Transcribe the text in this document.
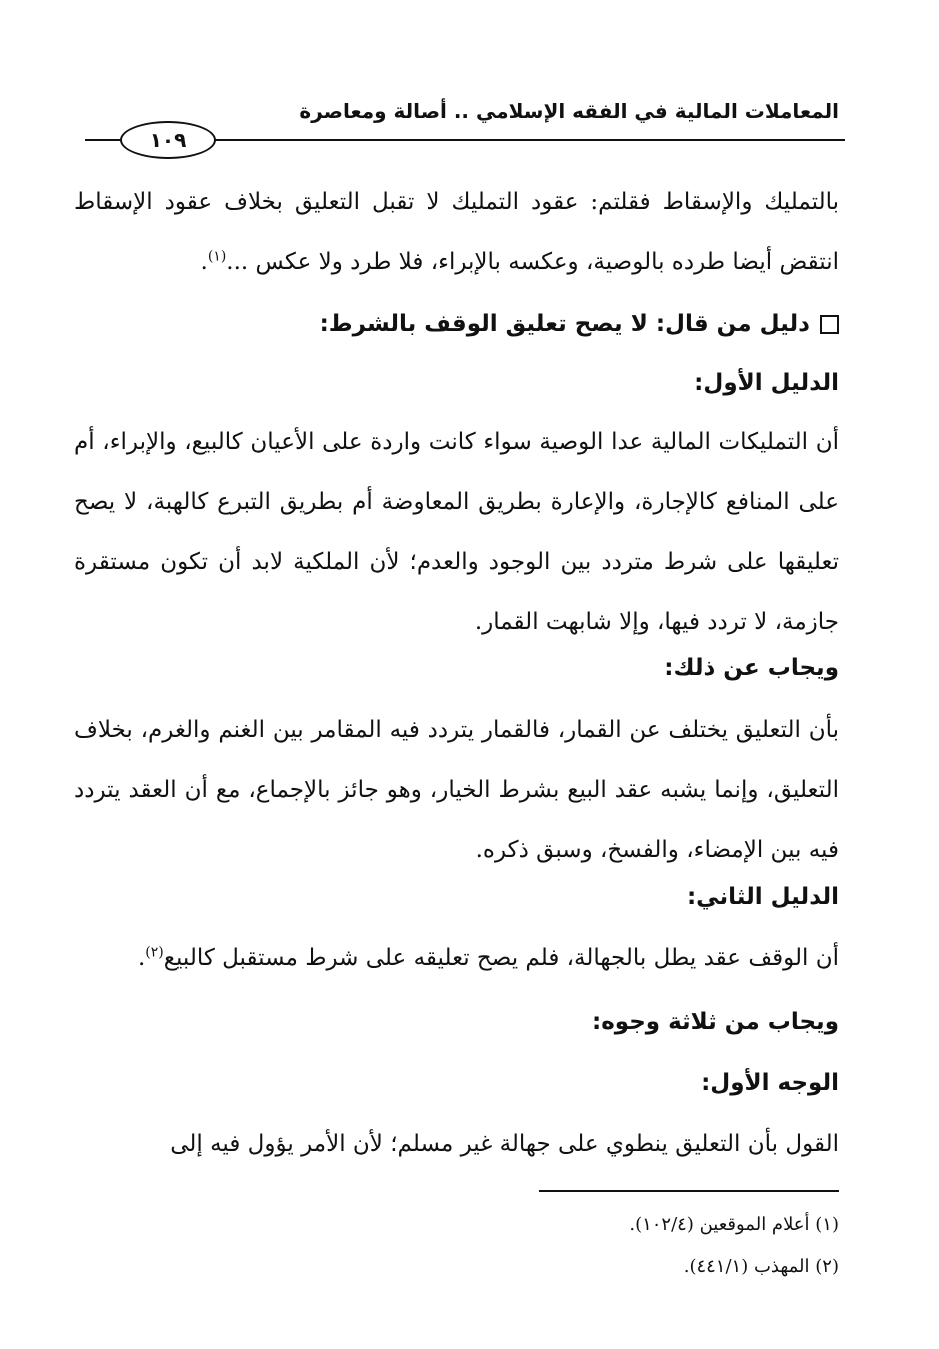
المعاملات المالية في الفقه الإسلامي .. أصالة ومعاصرة
١٠٩
بالتمليك والإسقاط فقلتم: عقود التمليك لا تقبل التعليق بخلاف عقود الإسقاط انتقض أيضا طرده بالوصية، وعكسه بالإبراء، فلا طرد ولا عكس ...$^{(١)}$.
دليل من قال: لا يصح تعليق الوقف بالشرط:
الدليل الأول:
أن التمليكات المالية عدا الوصية سواء كانت واردة على الأعيان كالبيع، والإبراء، أم على المنافع كالإجارة، والإعارة بطريق المعاوضة أم بطريق التبرع كالهبة، لا يصح تعليقها على شرط متردد بين الوجود والعدم؛ لأن الملكية لابد أن تكون مستقرة جازمة، لا تردد فيها، وإلا شابهت القمار.
ويجاب عن ذلك:
بأن التعليق يختلف عن القمار، فالقمار يتردد فيه المقامر بين الغنم والغرم، بخلاف التعليق، وإنما يشبه عقد البيع بشرط الخيار، وهو جائز بالإجماع، مع أن العقد يتردد فيه بين الإمضاء، والفسخ، وسبق ذكره.
الدليل الثاني:
أن الوقف عقد يطل بالجهالة، فلم يصح تعليقه على شرط مستقبل كالبيع$^{(٢)}$.
ويجاب من ثلاثة وجوه:
الوجه الأول:
القول بأن التعليق ينطوي على جهالة غير مسلم؛ لأن الأمر يؤول فيه إلى
(١) أعلام الموقعين (١٠٢/٤).
(٢) المهذب (٤٤١/١).
